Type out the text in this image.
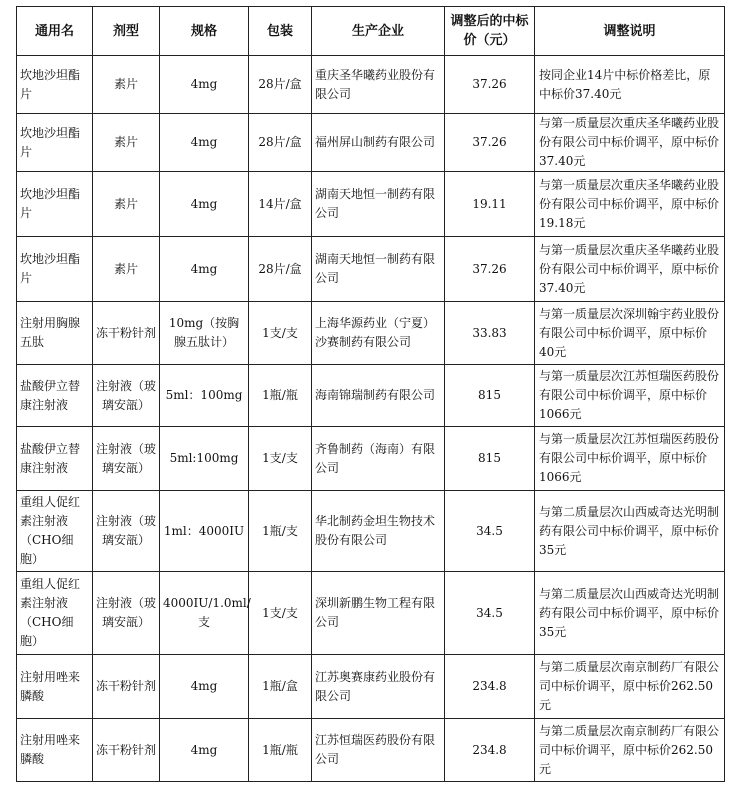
通用名	剂型	规格	包装	生产企业	调整后的中标价（元）	调整说明
坎地沙坦酯片	素片	4mg	28片/盒	重庆圣华曦药业股份有限公司	37.26	按同企业14片中标价格差比，原中标价37.40元
坎地沙坦酯片	素片	4mg	28片/盒	福州屏山制药有限公司	37.26	与第一质量层次重庆圣华曦药业股份有限公司中标价调平，原中标价37.40元
坎地沙坦酯片	素片	4mg	14片/盒	湖南天地恒一制药有限公司	19.11	与第一质量层次重庆圣华曦药业股份有限公司中标价调平，原中标价19.18元
坎地沙坦酯片	素片	4mg	28片/盒	湖南天地恒一制药有限公司	37.26	与第一质量层次重庆圣华曦药业股份有限公司中标价调平，原中标价37.40元
注射用胸腺五肽	冻干粉针剂	10mg（按胸腺五肽计）	1支/支	上海华源药业（宁夏）沙赛制药有限公司	33.83	与第一质量层次深圳翰宇药业股份有限公司中标价调平，原中标价40元
盐酸伊立替康注射液	注射液（玻璃安瓿）	5ml：100mg	1瓶/瓶	海南锦瑞制药有限公司	815	与第一质量层次江苏恒瑞医药股份有限公司中标价调平，原中标价1066元
盐酸伊立替康注射液	注射液（玻璃安瓿）	5ml:100mg	1支/支	齐鲁制药（海南）有限公司	815	与第一质量层次江苏恒瑞医药股份有限公司中标价调平，原中标价1066元
重组人促红素注射液（CHO细胞）	注射液（玻璃安瓿）	1ml：4000IU	1瓶/支	华北制药金坦生物技术股份有限公司	34.5	与第二质量层次山西威奇达光明制药有限公司中标价调平，原中标价35元
重组人促红素注射液（CHO细胞）	注射液（玻璃安瓿）	4000IU/1.0ml/支	1支/支	深圳新鹏生物工程有限公司	34.5	与第二质量层次山西威奇达光明制药有限公司中标价调平，原中标价35元
注射用唑来膦酸	冻干粉针剂	4mg	1瓶/盒	江苏奥赛康药业股份有限公司	234.8	与第二质量层次南京制药厂有限公司中标价调平，原中标价262.50元
注射用唑来膦酸	冻干粉针剂	4mg	1瓶/瓶	江苏恒瑞医药股份有限公司	234.8	与第二质量层次南京制药厂有限公司中标价调平，原中标价262.50元
